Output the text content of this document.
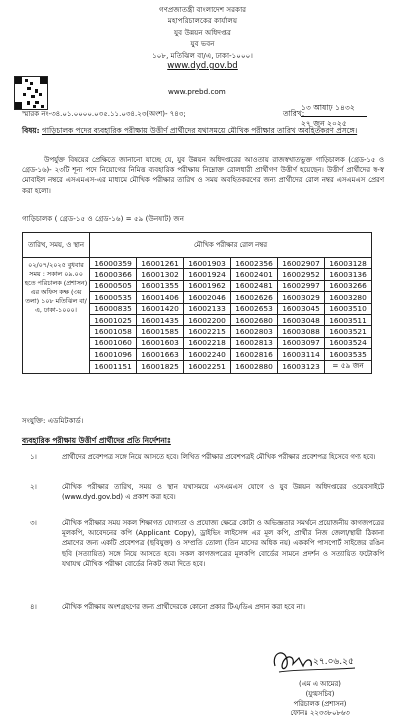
গণপ্রজাতন্ত্রী বাংলাদেশ সরকার
মহাপরিচালকের কার্যালয়
যুব উন্নয়ন অধিদপ্তর
যুব ভবন
১০৮, মতিঝিল বা/এ, ঢাকা-১০০০।
www.dyd.gov.bd
www.prebd.com
তারিখ:
১৩ আষাঢ় ১৪৩২
২৭ জুন ২০২৫
স্মারক নং-৩৪.০১.০০০০.০৩৫.১১.০৩৪.২৩(অংশ)- ৭৪৩;
বিষয়: গাড়িচালক পদের ব্যবহারিক পরীক্ষায় উত্তীর্ণ প্রার্থীদের যথাসময়ে মৌখিক পরীক্ষার তারিখ অবহিতকরণ প্রসঙ্গে।
উপর্যুক্ত বিষয়ের প্রেক্ষিতে জানানো যাচ্ছে যে, যুব উন্নয়ন অধিদপ্তরের আওতায় রাজস্বখাতভুক্ত গাড়িচালক (গ্রেড-১৫ ও গ্রেড-১৬)- ২৩টি শূন্য পদে নিয়োগের নিমিত্ত ব্যবহারিক পরীক্ষায় নিম্নোক্ত রোলধারী প্রার্থীগণ উত্তীর্ণ হয়েছেন। উত্তীর্ণ প্রার্থীদের স্ব-স্ব মোবাইল নম্বরে এসএমএস-এর মাধ্যমে মৌখিক পরীক্ষার তারিখ ও সময় অবহিতকরণের জন্য প্রার্থীদের রোল নম্বর এসএমএস প্রেরণ করা হলো।
গাড়িচালক ( গ্রেড-১৫ ও গ্রেড-১৬) = ৫৯ (উনষাট) জন
তারিখ, সময়, ও স্থান	মৌখিক পরীক্ষার রোল নম্বর					
০২/০৭/২০২৫ বুধবার সময় : সকাল ০৯.০০ হতে পরিচালক (প্রশাসন) এর অফিস কক্ষ (৩য় তলা) ১০৮ মতিঝিল বা/এ, ঢাকা-১০০০।	16000359	16001261	16001903	16002356	16002907	16003128
	16000366	16001302	16001924	16002401	16002952	16003136
	16000505	16001355	16001962	16002481	16002997	16003266
	16000535	16001406	16002046	16002626	16003029	16003280
	16000835	16001420	16002133	16002653	16003045	16003510
	16001025	16001435	16002200	16002680	16003048	16003511
	16001058	16001585	16002215	16002803	16003088	16003521
	16001060	16001603	16002218	16002813	16003097	16003524
	16001096	16001663	16002240	16002816	16003114	16003535
	16001151	16001825	16002251	16002880	16003123	= ৫৯ জন
সংযুক্তি: এডমিটকার্ড।
ব্যবহারিক পরীক্ষায় উত্তীর্ণ প্রার্থীদের প্রতি নির্দেশনাঃ
১।	প্রার্থীদের প্রবেশপত্র সঙ্গে নিয়ে আসতে হবে। লিখিত পরীক্ষার প্রবেশপত্রই মৌখিক পরীক্ষার প্রবেশপত্র হিসেবে গণ্য হবে।
২।	মৌখিক পরীক্ষার তারিখ, সময় ও স্থান যথাসময়ে এসএমএস যোগে ও যুব উন্নয়ন অধিদপ্তরের ওয়েবসাইটে (www.dyd.gov.bd) এ প্রকাশ করা হবে।
৩।	মৌখিক পরীক্ষার সময় সকল শিক্ষাগত যোগ্যতা ও প্রযোজ্য ক্ষেত্রে কোটা ও অভিজ্ঞতার সমর্থনে প্রয়োজনীয় কাগজপত্রের মূলকপি, আবেদনের কপি (Applicant Copy), ড্রাইভিং লাইসেন্স এর মূল কপি, প্রার্থীর নিজ জেলা/স্থায়ী ঠিকানা প্রমাণের জন্য একটি প্রবেশপত্র (ছবিযুক্ত) ও সম্প্রতি তোলা (তিন মাসের অধিক নয়) এককপি পাসপোর্ট সাইজের রঙিন ছবি (সত্যায়িত) সঙ্গে নিয়ে আসতে হবে। সকল কাগজপত্রের মূলকপি বোর্ডের সামনে প্রদর্শন ও সত্যায়িত ফটোকপি যথাযথ মৌখিক পরীক্ষা বোর্ডের নিকট জমা দিতে হবে।
৪।	মৌখিক পরীক্ষায় অংশগ্রহণের জন্য প্রার্থীদেরকে কোনো প্রকার টিএ/ডিএ প্রদান করা হবে না।
২৭.০৬.২৫
(এম এ আমের)
(যুগ্মসচিব)
পরিচালক (প্রশাসন)
ফোনঃ ২২৩৩৮০৮৬৩
